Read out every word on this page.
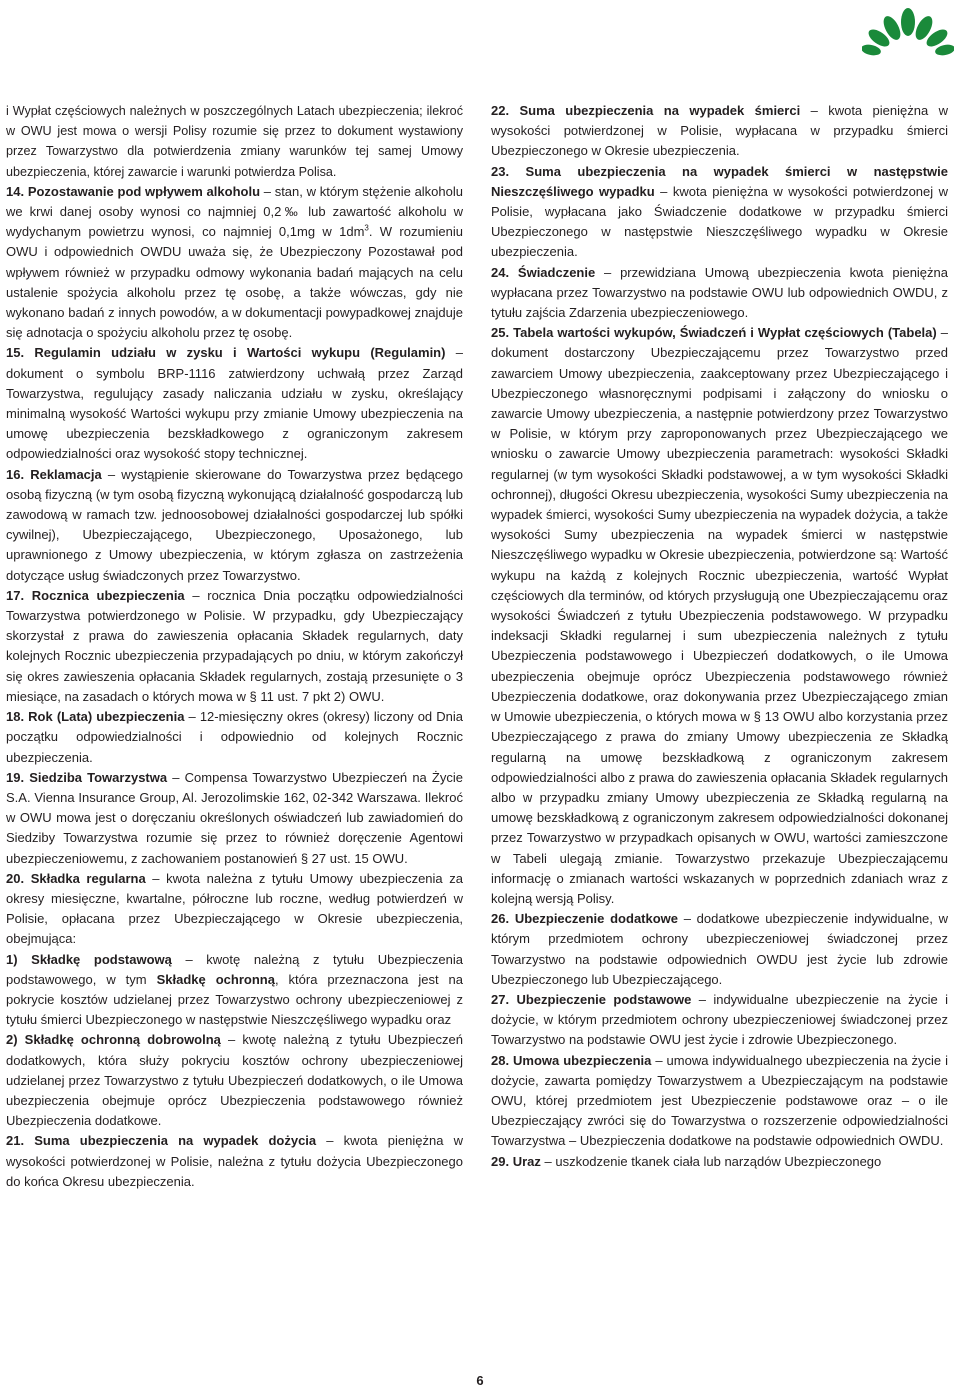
i Wypłat częściowych należnych w poszczególnych Latach ubezpieczenia; ilekroć w OWU jest mowa o wersji Polisy rozumie się przez to dokument wystawiony przez Towarzystwo dla potwierdzenia zmiany warunków tej samej Umowy ubezpieczenia, której zawarcie i warunki potwierdza Polisa.

14. Pozostawanie pod wpływem alkoholu – stan, w którym stężenie alkoholu we krwi danej osoby wynosi co najmniej 0,2‰ lub zawartość alkoholu w wydychanym powietrzu wynosi, co najmniej 0,1mg w $1dm^3$. W rozumieniu OWU i odpowiednich OWDU uważa się, że Ubezpieczony Pozostawał pod wpływem również w przypadku odmowy wykonania badań mających na celu ustalenie spożycia alkoholu przez tę osobę, a także wówczas, gdy nie wykonano badań z innych powodów, a w dokumentacji powypadkowej znajduje się adnotacja o spożyciu alkoholu przez tę osobę.

15. Regulamin udziału w zysku i Wartości wykupu (Regulamin) – dokument o symbolu BRP-1116 zatwierdzony uchwałą przez Zarząd Towarzystwa, regulujący zasady naliczania udziału w zysku, określający minimalną wysokość Wartości wykupu przy zmianie Umowy ubezpieczenia na umowę ubezpieczenia bezskładkowego z ograniczonym zakresem odpowiedzialności oraz wysokość stopy technicznej.

16. Reklamacja – wystąpienie skierowane do Towarzystwa przez będącego osobą fizyczną (w tym osobą fizyczną wykonującą działalność gospodarczą lub zawodową w ramach tzw. jednoosobowej działalności gospodarczej lub spółki cywilnej), Ubezpieczającego, Ubezpieczonego, Uposażonego, lub uprawnionego z Umowy ubezpieczenia, w którym zgłasza on zastrzeżenia dotyczące usług świadczonych przez Towarzystwo.

17. Rocznica ubezpieczenia – rocznica Dnia początku odpowiedzialności Towarzystwa potwierdzonego w Polisie. W przypadku, gdy Ubezpieczający skorzystał z prawa do zawieszenia opłacania Składek regularnych, daty kolejnych Rocznic ubezpieczenia przypadających po dniu, w którym zakończył się okres zawieszenia opłacania Składek regularnych, zostają przesunięte o 3 miesiące, na zasadach o których mowa w § 11 ust. 7 pkt 2) OWU.

18. Rok (Lata) ubezpieczenia – 12-miesięczny okres (okresy) liczony od Dnia początku odpowiedzialności i odpowiednio od kolejnych Rocznic ubezpieczenia.

19. Siedziba Towarzystwa – Compensa Towarzystwo Ubezpieczeń na Życie S.A. Vienna Insurance Group, Al. Jerozolimskie 162, 02-342 Warszawa. Ilekroć w OWU mowa jest o doręczaniu określonych oświadczeń lub zawiadomień do Siedziby Towarzystwa rozumie się przez to również doręczenie Agentowi ubezpieczeniowemu, z zachowaniem postanowień § 27 ust. 15 OWU.

20. Składka regularna – kwota należna z tytułu Umowy ubezpieczenia za okresy miesięczne, kwartalne, półroczne lub roczne, według potwierdzeń w Polisie, opłacana przez Ubezpieczającego w Okresie ubezpieczenia, obejmująca:

1) Składkę podstawową – kwotę należną z tytułu Ubezpieczenia podstawowego, w tym Składkę ochronną, która przeznaczona jest na pokrycie kosztów udzielanej przez Towarzystwo ochrony ubezpieczeniowej z tytułu śmierci Ubezpieczonego w następstwie Nieszczęśliwego wypadku oraz

2) Składkę ochronną dobrowolną – kwotę należną z tytułu Ubezpieczeń dodatkowych, która służy pokryciu kosztów ochrony ubezpieczeniowej udzielanej przez Towarzystwo z tytułu Ubezpieczeń dodatkowych, o ile Umowa ubezpieczenia obejmuje oprócz Ubezpieczenia podstawowego również Ubezpieczenia dodatkowe.

21. Suma ubezpieczenia na wypadek dożycia – kwota pieniężna w wysokości potwierdzonej w Polisie, należna z tytułu dożycia Ubezpieczonego do końca Okresu ubezpieczenia.

22. Suma ubezpieczenia na wypadek śmierci – kwota pieniężna w wysokości potwierdzonej w Polisie, wypłacana w przypadku śmierci Ubezpieczonego w Okresie ubezpieczenia.

23. Suma ubezpieczenia na wypadek śmierci w następstwie Nieszczęśliwego wypadku – kwota pieniężna w wysokości potwierdzonej w Polisie, wypłacana jako Świadczenie dodatkowe w przypadku śmierci Ubezpieczonego w następstwie Nieszczęśliwego wypadku w Okresie ubezpieczenia.

24. Świadczenie – przewidziana Umową ubezpieczenia kwota pieniężna wypłacana przez Towarzystwo na podstawie OWU lub odpowiednich OWDU, z tytułu zajścia Zdarzenia ubezpieczeniowego.

25. Tabela wartości wykupów, Świadczeń i Wypłat częściowych (Tabela) – dokument dostarczony Ubezpieczającemu przez Towarzystwo przed zawarciem Umowy ubezpieczenia, zaakceptowany przez Ubezpieczającego i Ubezpieczonego własnoręcznymi podpisami i załączony do wniosku o zawarcie Umowy ubezpieczenia, a następnie potwierdzony przez Towarzystwo w Polisie, w którym przy zaproponowanych przez Ubezpieczającego we wniosku o zawarcie Umowy ubezpieczenia parametrach: wysokości Składki regularnej (w tym wysokości Składki podstawowej, a w tym wysokości Składki ochronnej), długości Okresu ubezpieczenia, wysokości Sumy ubezpieczenia na wypadek śmierci, wysokości Sumy ubezpieczenia na wypadek dożycia, a także wysokości Sumy ubezpieczenia na wypadek śmierci w następstwie Nieszczęśliwego wypadku w Okresie ubezpieczenia, potwierdzone są: Wartość wykupu na każdą z kolejnych Rocznic ubezpieczenia, wartość Wypłat częściowych dla terminów, od których przysługują one Ubezpieczającemu oraz wysokości Świadczeń z tytułu Ubezpieczenia podstawowego. W przypadku indeksacji Składki regularnej i sum ubezpieczenia należnych z tytułu Ubezpieczenia podstawowego i Ubezpieczeń dodatkowych, o ile Umowa ubezpieczenia obejmuje oprócz Ubezpieczenia podstawowego również Ubezpieczenia dodatkowe, oraz dokonywania przez Ubezpieczającego zmian w Umowie ubezpieczenia, o których mowa w § 13 OWU albo korzystania przez Ubezpieczającego z prawa do zmiany Umowy ubezpieczenia ze Składką regularną na umowę bezskładkową z ograniczonym zakresem odpowiedzialności albo z prawa do zawieszenia opłacania Składek regularnych albo w przypadku zmiany Umowy ubezpieczenia ze Składką regularną na umowę bezskładkową z ograniczonym zakresem odpowiedzialności dokonanej przez Towarzystwo w przypadkach opisanych w OWU, wartości zamieszczone w Tabeli ulegają zmianie. Towarzystwo przekazuje Ubezpieczającemu informację o zmianach wartości wskazanych w poprzednich zdaniach wraz z kolejną wersją Polisy.

26. Ubezpieczenie dodatkowe – dodatkowe ubezpieczenie indywidualne, w którym przedmiotem ochrony ubezpieczeniowej świadczonej przez Towarzystwo na podstawie odpowiednich OWDU jest życie lub zdrowie Ubezpieczonego lub Ubezpieczającego.

27. Ubezpieczenie podstawowe – indywidualne ubezpieczenie na życie i dożycie, w którym przedmiotem ochrony ubezpieczeniowej świadczonej przez Towarzystwo na podstawie OWU jest życie i zdrowie Ubezpieczonego.

28. Umowa ubezpieczenia – umowa indywidualnego ubezpieczenia na życie i dożycie, zawarta pomiędzy Towarzystwem a Ubezpieczającym na podstawie OWU, której przedmiotem jest Ubezpieczenie podstawowe oraz – o ile Ubezpieczający zwróci się do Towarzystwa o rozszerzenie odpowiedzialności Towarzystwa – Ubezpieczenia dodatkowe na podstawie odpowiednich OWDU.

29. Uraz – uszkodzenie tkanek ciała lub narządów Ubezpieczonego

6
